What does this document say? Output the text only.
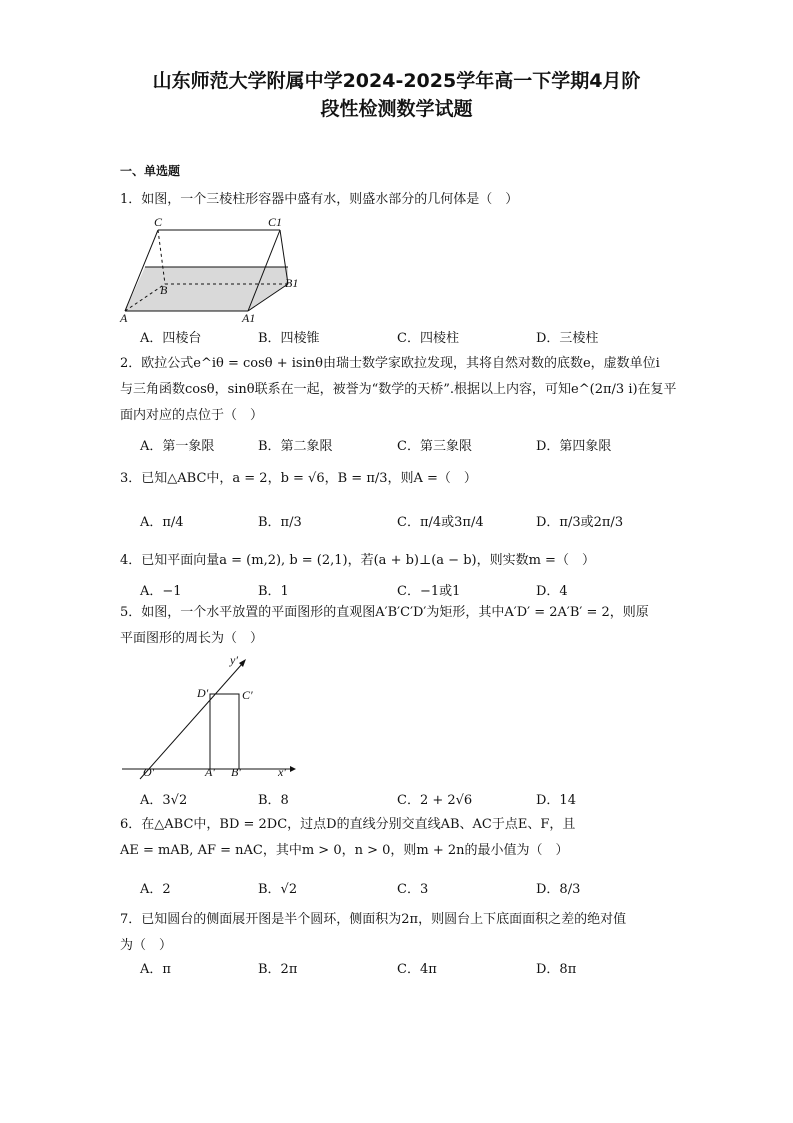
山东师范大学附属中学2024-2025学年高一下学期4月阶
段性检测数学试题
一、单选题

1．如图，一个三棱柱形容器中盛有水，则盛水部分的几何体是（　）

C	C1
B	B1
A	A1
A．四棱台	B．四棱锥	C．四棱柱	D．三棱柱

2．欧拉公式e^iθ = cosθ + isinθ由瑞士数学家欧拉发现，其将自然对数的底数e，虚数单位i

与三角函数cosθ，sinθ联系在一起，被誉为“数学的天桥”.根据以上内容，可知e^(2π/3 i)在复平

面内对应的点位于（　）

A．第一象限	B．第二象限	C．第三象限	D．第四象限

3．已知△ABC中，a = 2，b = √6，B = π/3，则A =（　）

A．π/4	B．π/3	C．π/4或3π/4	D．π/3或2π/3

4．已知平面向量a = (m,2), b = (2,1)，若(a + b)⊥(a − b)，则实数m =（　）

A．−1	B．1	C．−1或1	D．4

5．如图，一个水平放置的平面图形的直观图A′B′C′D′为矩形，其中A′D′ = 2A′B′ = 2，则原

平面图形的周长为（　）

y′
D′	C′
O′	A′ B′	x′
A．3√2	B．8	C．2 + 2√6	D．14

6．在△ABC中，BD = 2DC，过点D的直线分别交直线AB、AC于点E、F，且

AE = mAB, AF = nAC，其中m > 0，n > 0，则m + 2n的最小值为（　）

A．2	B．√2	C．3	D．8/3

7．已知圆台的侧面展开图是半个圆环，侧面积为2π，则圆台上下底面面积之差的绝对值

为（　）

A．π	B．2π	C．4π	D．8π
